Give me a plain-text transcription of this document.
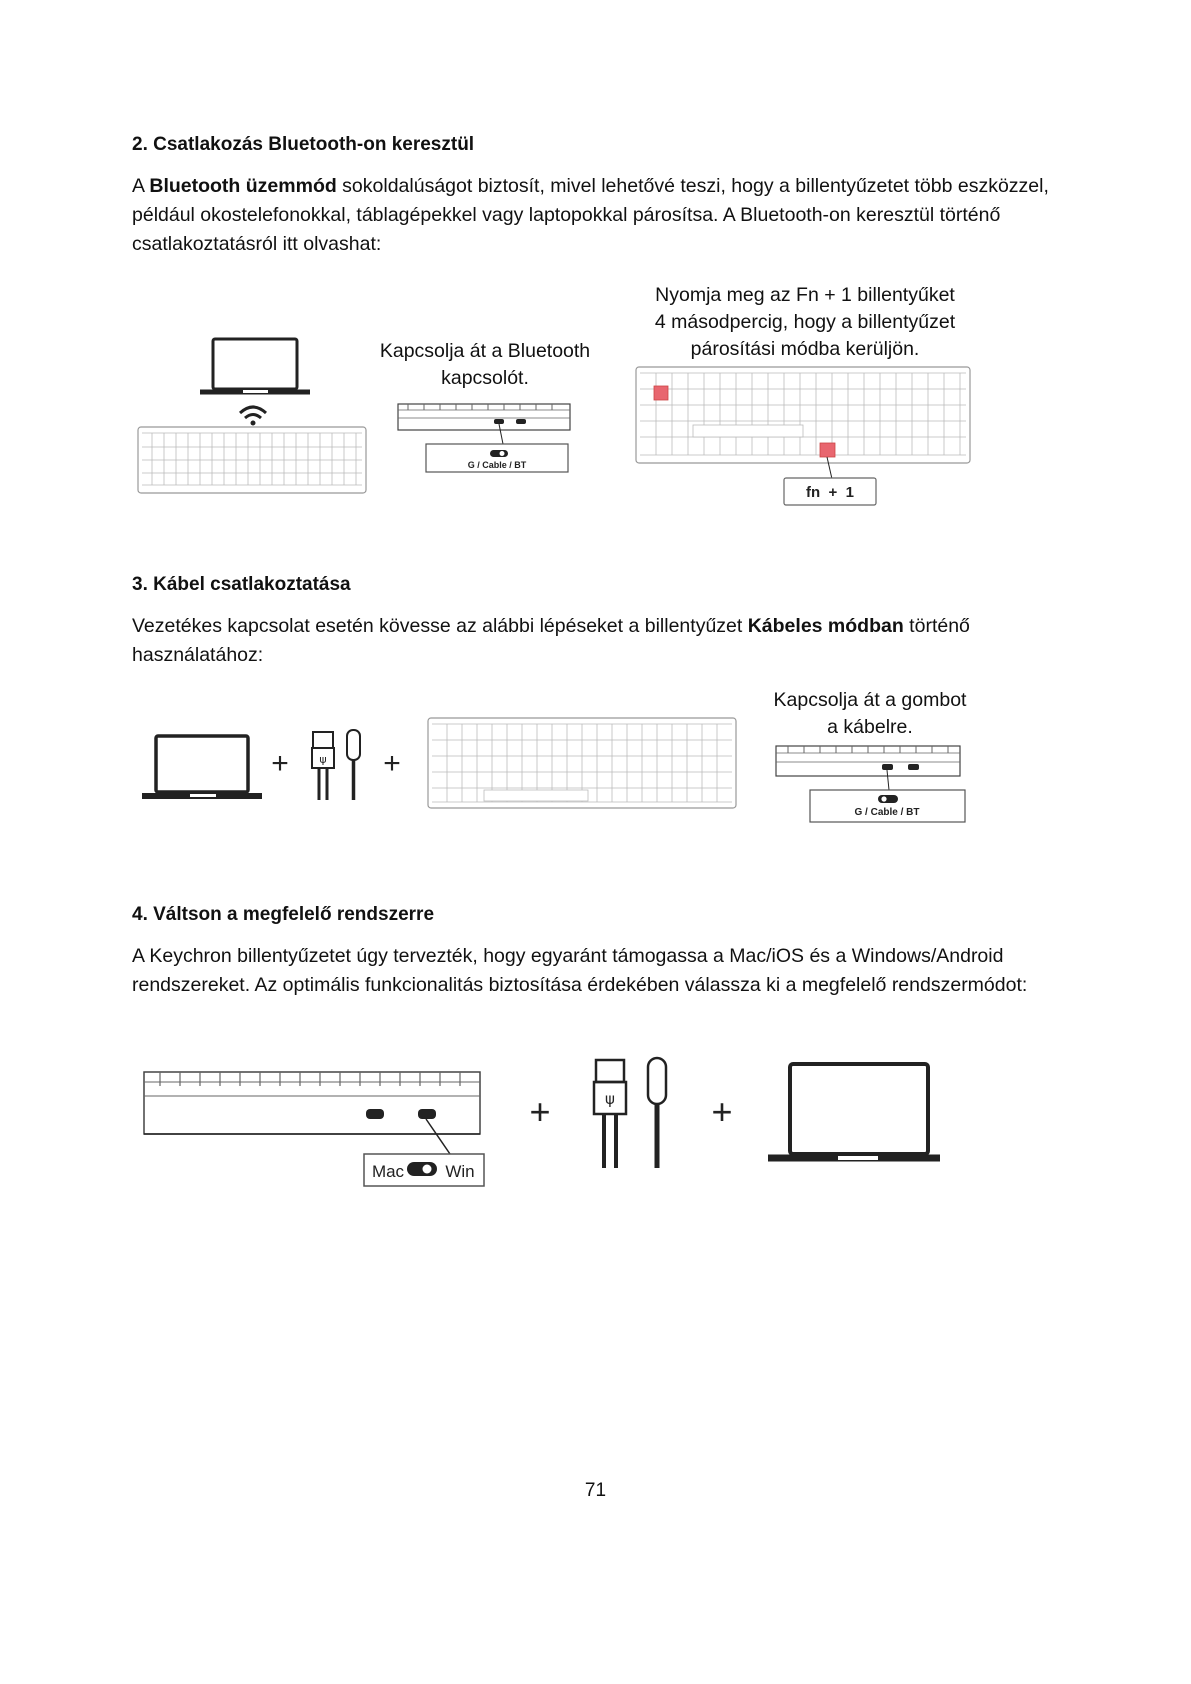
2. Csatlakozás Bluetooth-on keresztül
A Bluetooth üzemmód sokoldalúságot biztosít, mivel lehetővé teszi, hogy a billentyűzetet több eszközzel, például okostelefonokkal, táblagépekkel vagy laptopokkal párosítsa. A Bluetooth-on keresztül történő csatlakoztatásról itt olvashat:
Kapcsolja át a Bluetooth
kapcsolót.
G / Cable / BT
Nyomja meg az Fn + 1 billentyűket
4 másodpercig, hogy a billentyűzet
párosítási módba kerüljön.
fn  +  1
3. Kábel csatlakoztatása
Vezetékes kapcsolat esetén kövesse az alábbi lépéseket a billentyűzet Kábeles módban történő használatához:
+	ψ +
Kapcsolja át a gombot
a kábelre.
G / Cable / BT
4. Váltson a megfelelő rendszerre
A Keychron billentyűzetet úgy tervezték, hogy egyaránt támogassa a Mac/iOS és a Windows/Android rendszereket. Az optimális funkcionalitás biztosítása érdekében válassza ki a megfelelő rendszermódot:
Mac Win
+	ψ	+
71
